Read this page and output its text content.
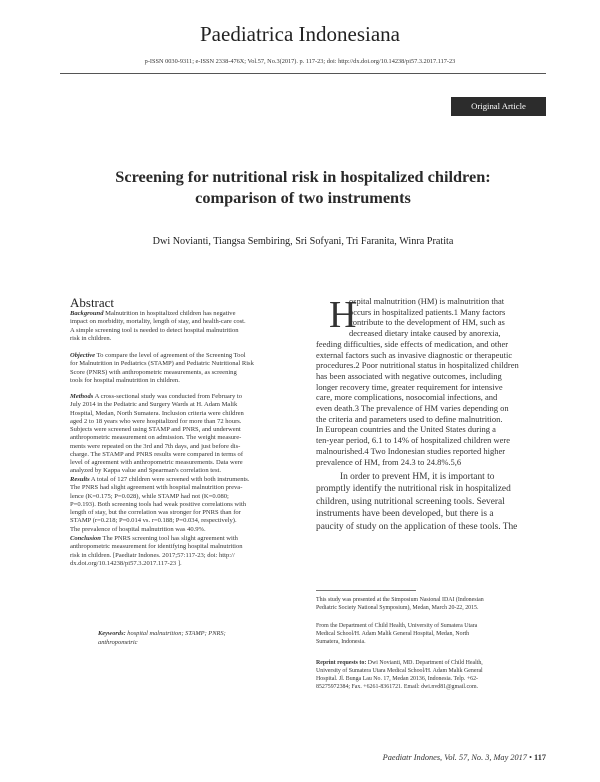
Paediatrica Indonesiana
p-ISSN 0030-9311; e-ISSN 2338-476X; Vol.57, No.3(2017). p. 117-23; doi: http://dx.doi.org/10.14238/pi57.3.2017.117-23
Original Article
Screening for nutritional risk in hospitalized children:
comparison of two instruments
Dwi Novianti, Tiangsa Sembiring, Sri Sofyani, Tri Faranita, Winra Pratita
Abstract
Background Malnutrition in hospitalized children has negative
impact on morbidity, mortality, length of stay, and health-care cost.
A simple screening tool is needed to detect hospital malnutrition
risk in children.
Objective To compare the level of agreement of the Screening Tool
for Malnutrition in Pediatrics (STAMP) and Pediatric Nutritional Risk
Score (PNRS) with anthropometric measurements, as screening
tools for hospital malnutrition in children.
Methods A cross-sectional study was conducted from February to
July 2014 in the Pediatric and Surgery Wards at H. Adam Malik
Hospital, Medan, North Sumatera. Inclusion criteria were children
aged 2 to 18 years who were hospitalized for more than 72 hours.
Subjects were screened using STAMP and PNRS, and underwent
anthropometric measurement on admission. The weight measure-
ments were repeated on the 3rd and 7th days, and just before dis-
charge. The STAMP and PNRS results were compared in terms of
level of agreement with anthropometric measurements. Data were
analyzed by Kappa value and Spearman's correlation test.
Results A total of 127 children were screened with both instruments.
The PNRS had slight agreement with hospital malnutrition preva-
lence (K=0.175; P=0.028), while STAMP had not (K=0.080;
P=0.193). Both screening tools had weak positive correlations with
length of stay, but the correlation was stronger for PNRS than for
STAMP (r=0.218; P=0.014 vs. r=0.188; P=0.034, respectively).
The prevalence of hospital malnutrition was 40.9%.
Conclusion The PNRS screening tool has slight agreement with
anthropometric measurement for identifying hospital malnutrition
risk in children. [Paediatr Indones. 2017;57:117-23; doi: http://
dx.doi.org/10.14238/pi57.3.2017.117-23 ].
Keywords: hospital malnutrition; STAMP; PNRS;
anthropometric
H
ospital malnutrition (HM) is malnutrition that
occurs in hospitalized patients.1 Many factors
contribute to the development of HM, such as
decreased dietary intake caused by anorexia,
feeding difficulties, side effects of medication, and other
external factors such as invasive diagnostic or therapeutic
procedures.2 Poor nutritional status in hospitalized children
has been associated with negative outcomes, including
longer recovery time, greater requirement for intensive
care, more complications, nosocomial infections, and
even death.3 The prevalence of HM varies depending on
the criteria and parameters used to define malnutrition.
In European countries and the United States during a
ten-year period, 6.1 to 14% of hospitalized children were
malnourished.4 Two Indonesian studies reported higher
prevalence of HM, from 24.3 to 24.8%.5,6
In order to prevent HM, it is important to
promptly identify the nutritional risk in hospitalized
children, using nutritional screening tools. Several
instruments have been developed, but there is a
paucity of study on the application of these tools. The
This study was presented at the Simposium Nasional IDAI (Indonesian
Pediatric Society National Symposium), Medan, March 20-22, 2015.
From the Department of Child Health, University of Sumatera Utara
Medical School/H. Adam Malik General Hospital, Medan, North
Sumatera, Indonesia.
Reprint requests to: Dwi Novianti, MD. Department of Child Health,
University of Sumatera Utara Medical School/H. Adam Malik General
Hospital. Jl. Bunga Lau No. 17, Medan 20136, Indonesia. Telp. +62-
85275972384; Fax. +6261-8361721. Email: dwi.nvd81@gmail.com.
Paediatr Indones, Vol. 57, No. 3, May 2017 • 117
